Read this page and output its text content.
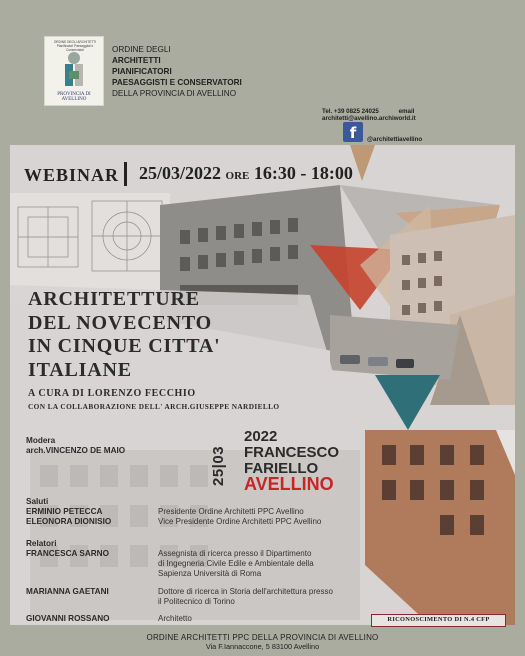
ORDINE DEGLI ARCHITETTI Pianificatori Paesaggisti e Conservatori
PROVINCIA DI AVELLINO
ORDINE DEGLI
ARCHITETTI
PIANIFICATORI
PAESAGGISTI E CONSERVATORI
DELLA PROVINCIA DI AVELLINO
Tel. +39 0825 24025	email architetti@avellino.archiworld.it
f	@architettiavellino
WEBINAR 25/03/2022 ORE 16:30 - 18:00
ARCHITETTURE
DEL NOVECENTO
IN CINQUE CITTA'
ITALIANE
A CURA DI LORENZO FECCHIO
CON LA COLLABORAZIONE DELL' ARCH.GIUSEPPE NARDIELLO
Modera
arch.VINCENZO DE MAIO	25|03
2022
FRANCESCO
FARIELLO
AVELLINO
Saluti
ERMINIO PETECCA	Presidente Ordine Architetti PPC Avellino
ELEONORA DIONISIO	Vice Presidente Ordine Architetti PPC Avellino
Relatori
FRANCESCA SARNO	Assegnista di ricerca presso il Dipartimento
di Ingegneria Civile Edile e Ambientale della
Sapienza Università di Roma
MARIANNA GAETANI	Dottore di ricerca in Storia dell'architettura presso
il Politecnico di Torino
GIOVANNI ROSSANO	Architetto	RICONOSCIMENTO DI N.4 CFP
ORDINE ARCHITETTI PPC DELLA PROVINCIA DI AVELLINO
Via F.Iannaccone, 5 83100 Avellino
